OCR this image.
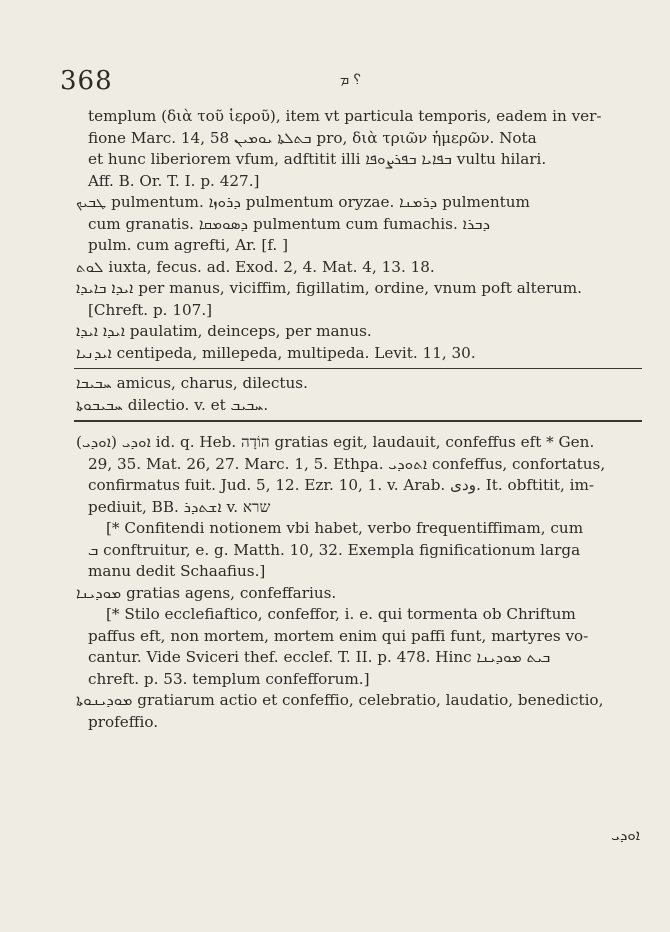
368	؟ ܡ
templum (διὰ τοῦ ἱεροῦ), item vt particula temporis, eadem in ver-
fione Marc. 14, 58 ܒܬܠܬܐ ܝܘܡܝܢ pro, διὰ τριῶν ἡμερῶν. Nota
et hunc liberiorem vfum, adftitit illi ܒܦܐܝܐ ܒܦܪܨܘܦܐ vultu hilari.
Aff. B. Or. T. I. p. 427.]
ܛܒܝܟ pulmentum. ܕܪܘܙܐ pulmentum oryzae. ܕܪܡܢܐ pulmentum
cum granatis. ܕܣܘܡܩܐ pulmentum cum fumachis. ܕܒܪܐ
pulm. cum agrefti, Ar. [f. ]
ܠܘܬ iuxta, fecus. ad. Exod. 2, 4. Mat. 4, 13. 18.
ܐܝܕܐ ܒܐܝܕܐ per manus, viciffim, figillatim, ordine, vnum poft alterum.
[Chreft. p. 107.]
ܐܝܕܐ ܐܝܕܐ paulatim, deinceps, per manus.
ܐܝܕܢܝܐ centipeda, millepeda, multipeda. Levit. 11, 30.
ܚܒܝܒܐ amicus, charus, dilectus.
ܚܒܝܒܘܬܐ dilectio. v. et ܚܒܝܒ.
(ܐܘܕܝ) ܐܘܕܝ id. q. Heb. הוֹדָה gratias egit, laudauit, confeffus eft * Gen.
29, 35. Mat. 26, 27. Marc. 1, 5. Ethpa. ܐܬܘܕܝ confeffus, confortatus,
confirmatus fuit. Jud. 5, 12. Ezr. 10, 1. v. Arab. ودى. It. obftitit, im-
pediuit, BB. ܐܫܬܕܪ v. שרא
[* Confitendi notionem vbi habet, verbo frequentiffimam, cum
ܒ conftruitur, e. g. Matth. 10, 32. Exempla fignificationum larga
manu dedit Schaafius.]
ܡܘܕܝܢܐ gratias agens, confeffarius.
[* Stilo ecclefiaftico, confeffor, i. e. qui tormenta ob Chriftum
paffus eft, non mortem, mortem enim qui paffi funt, martyres vo-
cantur. Vide Sviceri thef. ecclef. T. II. p. 478. Hinc ܒܝܬ ܡܘܕܝܢܐ
chreft. p. 53. templum confefforum.]
ܡܘܕܝܢܘܬܐ gratiarum actio et confeffio, celebratio, laudatio, benedictio,
profeffio.
ܐܘܕܝ
